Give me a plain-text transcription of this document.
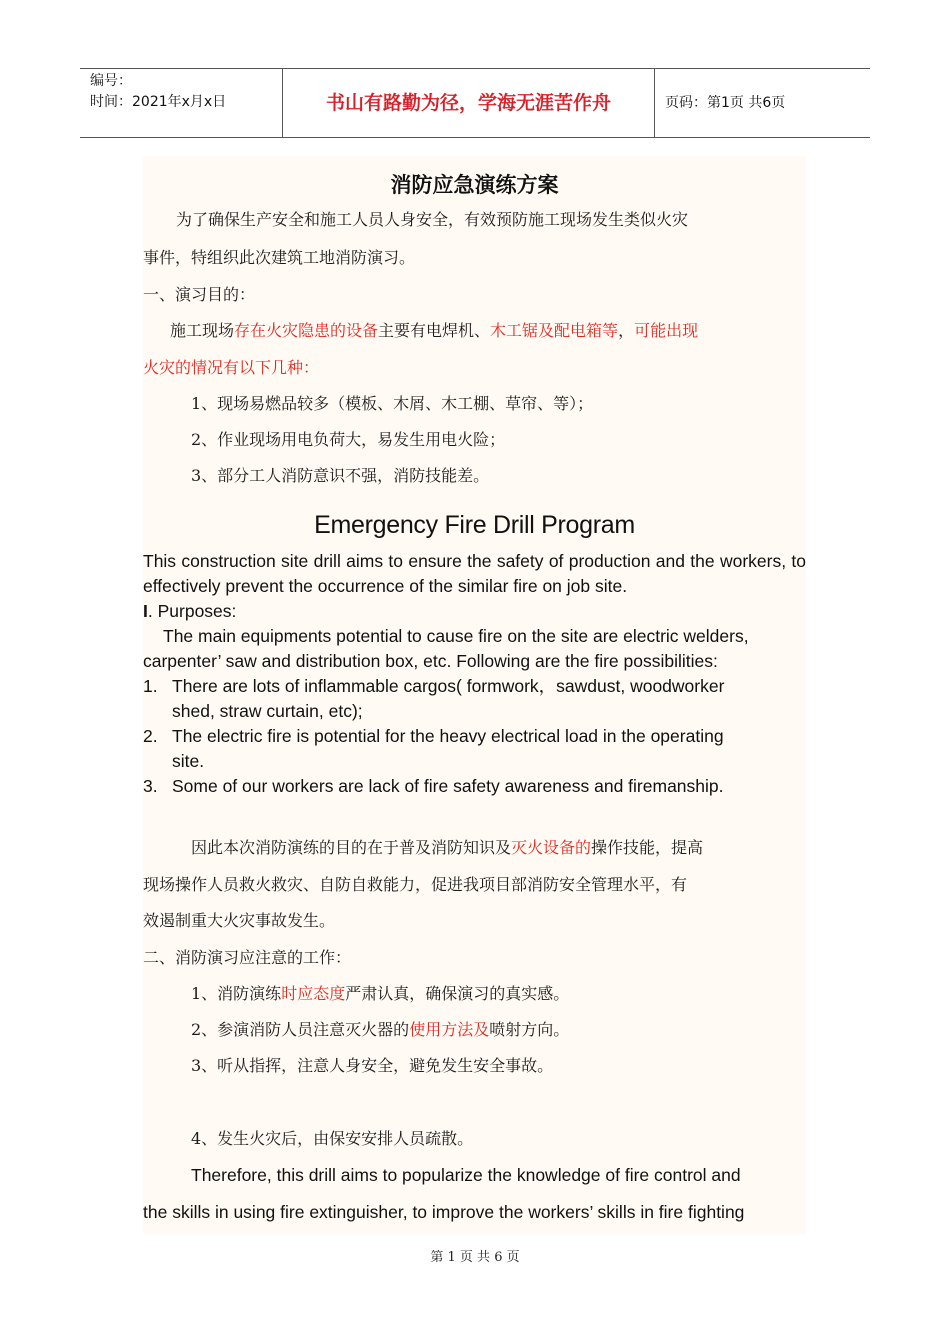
编号：
时间：2021年x月x日	书山有路勤为径，学海无涯苦作舟	页码：第1页 共6页
消防应急演练方案
为了确保生产安全和施工人员人身安全，有效预防施工现场发生类似火灾
事件，特组织此次建筑工地消防演习。
一、演习目的：
施工现场存在火灾隐患的设备主要有电焊机、木工锯及配电箱等，可能出现
火灾的情况有以下几种：
1、现场易燃品较多（模板、木屑、木工棚、草帘、等）；
2、作业现场用电负荷大，易发生用电火险；
3、部分工人消防意识不强，消防技能差。
Emergency Fire Drill Program
This construction site drill aims to ensure the safety of production and the workers, to effectively prevent the occurrence of the similar fire on job site.
I. Purposes:
The main equipments potential to cause fire on the site are electric welders,
carpenter’ saw and distribution box, etc. Following are the fire possibilities:
1. There are lots of inflammable cargos( formwork，sawdust, woodworker
shed, straw curtain, etc);
2. The electric fire is potential for the heavy electrical load in the operating
site.
3. Some of our workers are lack of fire safety awareness and firemanship.
因此本次消防演练的目的在于普及消防知识及灭火设备的操作技能，提高
现场操作人员救火救灾、自防自救能力，促进我项目部消防安全管理水平，有
效遏制重大火灾事故发生。
二、消防演习应注意的工作：
1、消防演练时应态度严肃认真，确保演习的真实感。
2、参演消防人员注意灭火器的使用方法及喷射方向。
3、听从指挥，注意人身安全，避免发生安全事故。
4、发生火灾后，由保安安排人员疏散。
Therefore, this drill aims to popularize the knowledge of fire control and
the skills in using fire extinguisher, to improve the workers’ skills in fire fighting
第 1 页 共 6 页
